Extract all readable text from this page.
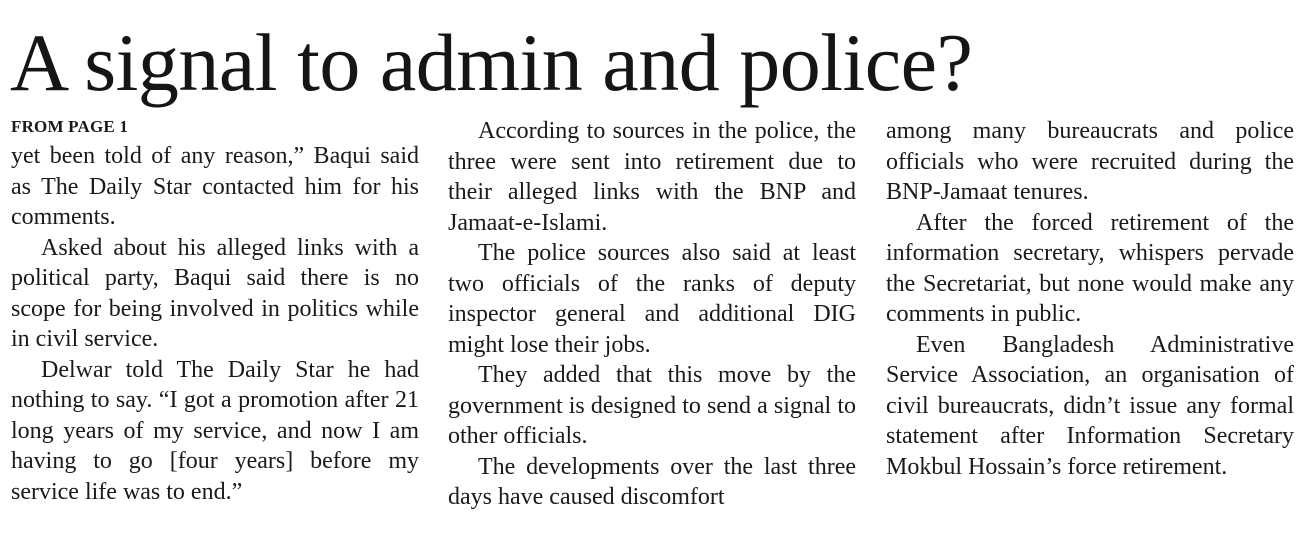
A signal to admin and police?
FROM PAGE 1

yet been told of any reason,” Baqui said as The Daily Star contacted him for his comments.

Asked about his alleged links with a political party, Baqui said there is no scope for being involved in politics while in civil service.

Delwar told The Daily Star he had nothing to say. “I got a promotion after 21 long years of my service, and now I am having to go [four years] before my service life was to end.”

According to sources in the police, the three were sent into retirement due to their alleged links with the BNP and Jamaat-e-Islami.

The police sources also said at least two officials of the ranks of deputy inspector general and additional DIG might lose their jobs.

They added that this move by the government is designed to send a signal to other officials.

The developments over the last three days have caused discomfort

among many bureaucrats and police officials who were recruited during the BNP-Jamaat tenures.

After the forced retirement of the information secretary, whispers pervade the Secretariat, but none would make any comments in public.

Even Bangladesh Administrative Service Association, an organisation of civil bureaucrats, didn’t issue any formal statement after Information Secretary Mokbul Hossain’s force retirement.
